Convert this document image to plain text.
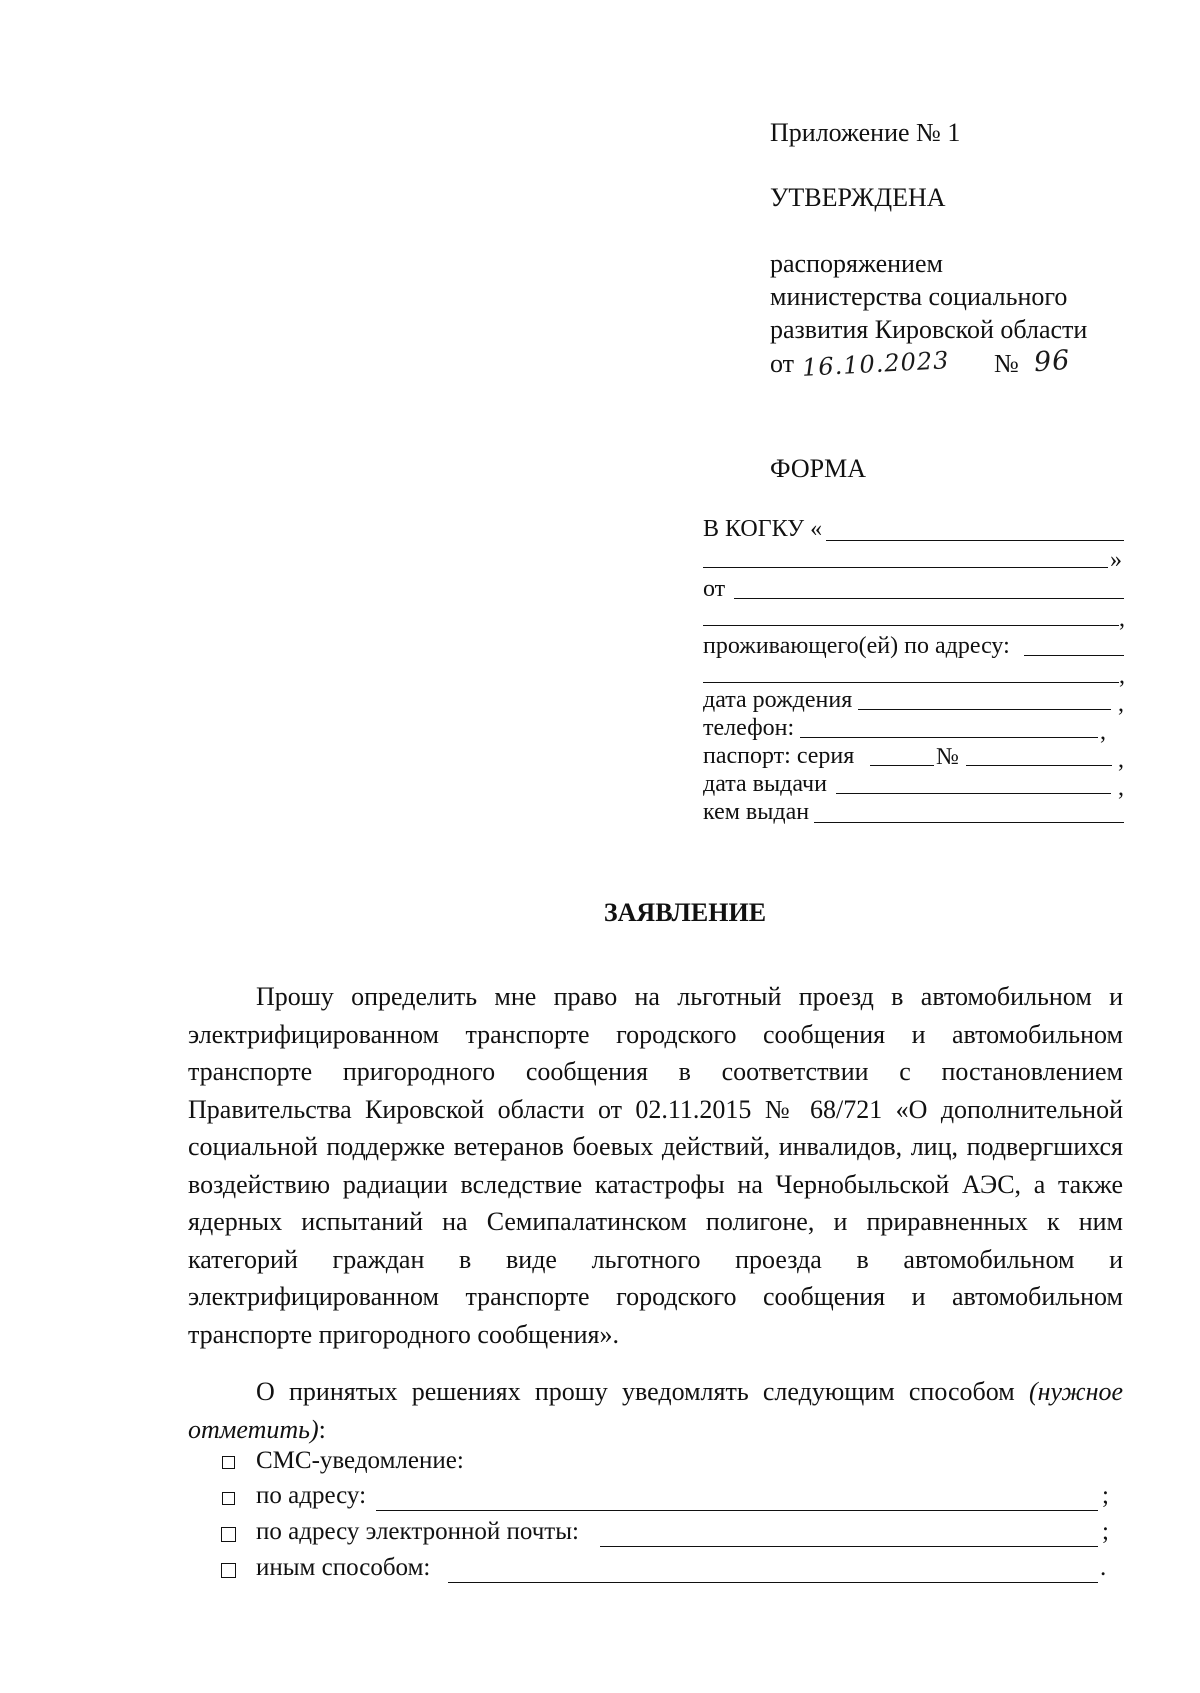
Приложение № 1
УТВЕРЖДЕНА
распоряжением
министерства социального
развития Кировской области
от 16.10.2023 № 96
ФОРМА
В КОГКУ «
»
от
,
проживающего(ей) по адресу:
,
дата рождения	,
телефон:	,
паспорт: серия	№	,
дата выдачи	,
кем выдан
ЗАЯВЛЕНИЕ
Прошу определить мне право на льготный проезд в автомобильном и электрифицированном транспорте городского сообщения и автомобильном транспорте пригородного сообщения в соответствии с постановлением Правительства Кировской области от 02.11.2015 № 68/721 «О дополнительной социальной поддержке ветеранов боевых действий, инвалидов, лиц, подвергшихся воздействию радиации вследствие катастрофы на Чернобыльской АЭС, а также ядерных испытаний на Семипалатинском полигоне, и приравненных к ним категорий граждан в виде льготного проезда в автомобильном и электрифицированном транспорте городского сообщения и автомобильном транспорте пригородного сообщения».
О принятых решениях прошу уведомлять следующим способом (нужное отметить):
СМС-уведомление:
по адресу:	;
по адресу электронной почты:	;
иным способом:	.
